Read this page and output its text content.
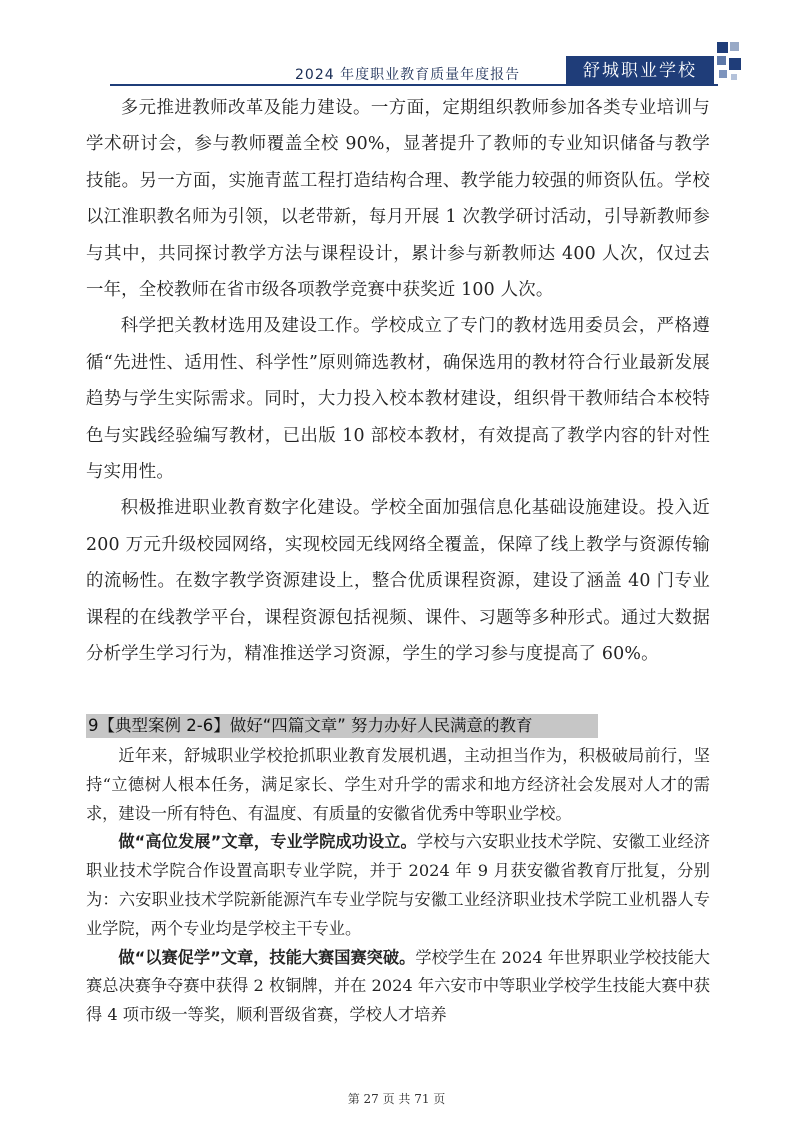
2024 年度职业教育质量年度报告	舒城职业学校

多元推进教师改革及能力建设。一方面，定期组织教师参加各类专业培训与学术研讨会，参与教师覆盖全校 90%，显著提升了教师的专业知识储备与教学技能。另一方面，实施青蓝工程打造结构合理、教学能力较强的师资队伍。学校以江淮职教名师为引领，以老带新，每月开展 1 次教学研讨活动，引导新教师参与其中，共同探讨教学方法与课程设计，累计参与新教师达 400 人次，仅过去一年，全校教师在省市级各项教学竞赛中获奖近 100 人次。

科学把关教材选用及建设工作。学校成立了专门的教材选用委员会，严格遵循“先进性、适用性、科学性”原则筛选教材，确保选用的教材符合行业最新发展趋势与学生实际需求。同时，大力投入校本教材建设，组织骨干教师结合本校特色与实践经验编写教材，已出版 10 部校本教材，有效提高了教学内容的针对性与实用性。

积极推进职业教育数字化建设。学校全面加强信息化基础设施建设。投入近 200 万元升级校园网络，实现校园无线网络全覆盖，保障了线上教学与资源传输的流畅性。在数字教学资源建设上，整合优质课程资源，建设了涵盖 40 门专业课程的在线教学平台，课程资源包括视频、课件、习题等多种形式。通过大数据分析学生学习行为，精准推送学习资源，学生的学习参与度提高了 60%。

9【典型案例 2-6】做好“四篇文章” 努力办好人民满意的教育

近年来，舒城职业学校抢抓职业教育发展机遇，主动担当作为，积极破局前行，坚持“立德树人根本任务，满足家长、学生对升学的需求和地方经济社会发展对人才的需求，建设一所有特色、有温度、有质量的安徽省优秀中等职业学校。

做“高位发展”文章，专业学院成功设立。学校与六安职业技术学院、安徽工业经济职业技术学院合作设置高职专业学院，并于 2024 年 9 月获安徽省教育厅批复，分别为：六安职业技术学院新能源汽车专业学院与安徽工业经济职业技术学院工业机器人专业学院，两个专业均是学校主干专业。

做“以赛促学”文章，技能大赛国赛突破。学校学生在 2024 年世界职业学校技能大赛总决赛争夺赛中获得 2 枚铜牌，并在 2024 年六安市中等职业学校学生技能大赛中获得 4 项市级一等奖，顺利晋级省赛，学校人才培养

第 27 页 共 71 页
